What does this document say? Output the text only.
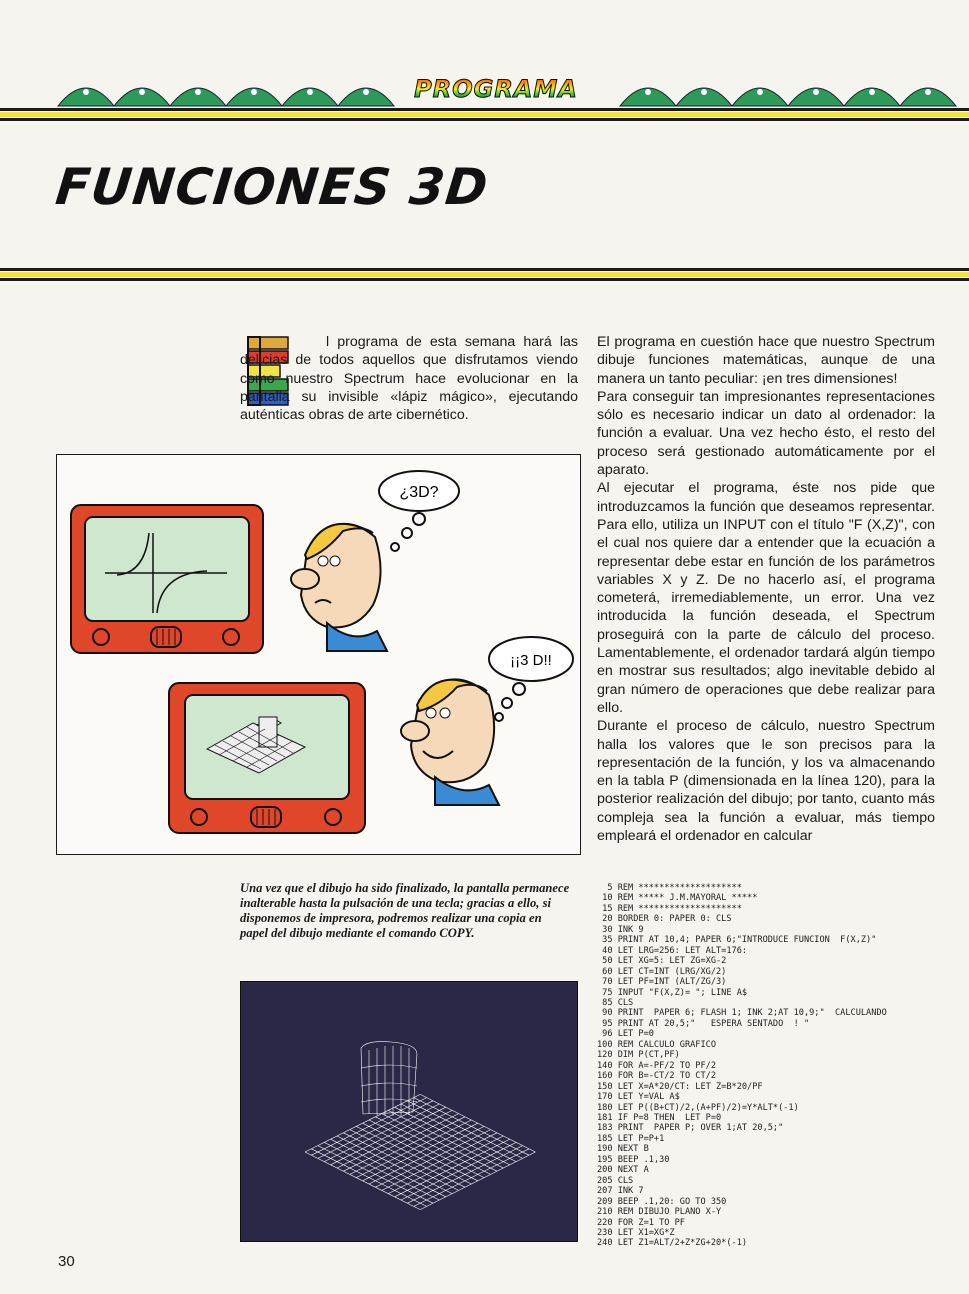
PROGRAMA
FUNCIONES 3D
E

l programa de esta semana hará las delicias de todos aquellos que disfrutamos viendo como nuestro Spectrum hace evolucionar en la pantalla su invisible «lápiz mágico», ejecutando auténticas obras de arte cibernético.

¿3D?
¡¡3 D!!

El programa en cuestión hace que nuestro Spectrum dibuje funciones matemáticas, aunque de una manera un tanto peculiar: ¡en tres dimensiones!

Para conseguir tan impresionantes representaciones sólo es necesario indicar un dato al ordenador: la función a evaluar. Una vez hecho ésto, el resto del proceso será gestionado automáticamente por el aparato.

Al ejecutar el programa, éste nos pide que introduzcamos la función que deseamos representar. Para ello, utiliza un INPUT con el título "F (X,Z)", con el cual nos quiere dar a entender que la ecuación a representar debe estar en función de los parámetros variables X y Z. De no hacerlo así, el programa cometerá, irremediablemente, un error. Una vez introducida la función deseada, el Spectrum proseguirá con la parte de cálculo del proceso. Lamentablemente, el ordenador tardará algún tiempo en mostrar sus resultados; algo inevitable debido al gran número de operaciones que debe realizar para ello.

Durante el proceso de cálculo, nuestro Spectrum halla los valores que le son precisos para la representación de la función, y los va almacenando en la tabla P (dimensionada en la línea 120), para la posterior realización del dibujo; por tanto, cuanto más compleja sea la función a evaluar, más tiempo empleará el ordenador en calcular

Una vez que el dibujo ha sido finalizado, la pantalla permanece inalterable hasta la pulsación de una tecla; gracias a ello, si disponemos de impresora, podremos realizar una copia en papel del dibujo mediante el comando COPY.
5 REM ********************
10 REM ***** J.M.MAYORAL *****
15 REM ********************
20 BORDER 0: PAPER 0: CLS
30 INK 9
35 PRINT AT 10,4; PAPER 6;"INTRODUCE FUNCION  F(X,Z)"
40 LET LRG=256: LET ALT=176:
50 LET XG=5: LET ZG=XG-2
60 LET CT=INT (LRG/XG/2)
70 LET PF=INT (ALT/ZG/3)
75 INPUT "F(X,Z)= "; LINE A$
85 CLS
90 PRINT  PAPER 6; FLASH 1; INK 2;AT 10,9;"  CALCULANDO
95 PRINT AT 20,5;"   ESPERA SENTADO  ! "
96 LET P=0
100 REM CALCULO GRAFICO
120 DIM P(CT,PF)
140 FOR A=-PF/2 TO PF/2
160 FOR B=-CT/2 TO CT/2
150 LET X=A*20/CT: LET Z=B*20/PF
170 LET Y=VAL A$
180 LET P((B+CT)/2,(A+PF)/2)=Y*ALT*(-1)
181 IF P=8 THEN  LET P=0
183 PRINT  PAPER P; OVER 1;AT 20,5;"
185 LET P=P+1
190 NEXT B
195 BEEP .1,30
200 NEXT A
205 CLS
207 INK 7
209 BEEP .1,20: GO TO 350
210 REM DIBUJO PLANO X-Y
220 FOR Z=1 TO PF
230 LET X1=XG*Z
240 LET Z1=ALT/2+Z*ZG+20*(-1)
30
